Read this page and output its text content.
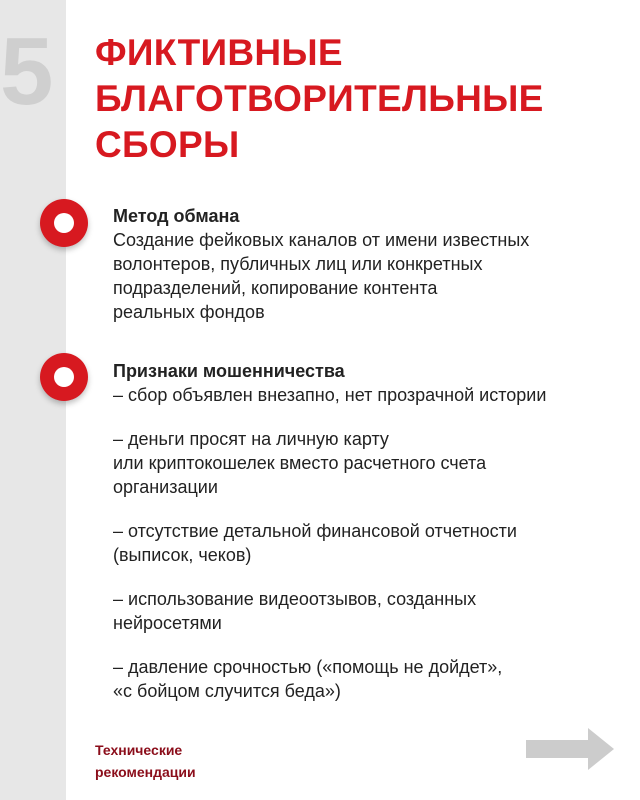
5	ФИКТИВНЫЕ
БЛАГОТВОРИТЕЛЬНЫЕ
СБОРЫ
Метод обмана
Создание фейковых каналов от имени известных
волонтеров, публичных лиц или конкретных
подразделений, копирование контента
реальных фондов
Признаки мошенничества
– сбор объявлен внезапно, нет прозрачной истории
– деньги просят на личную карту
или криптокошелек вместо расчетного счета
организации
– отсутствие детальной финансовой отчетности
(выписок, чеков)
– использование видеоотзывов, созданных
нейросетями
– давление срочностью («помощь не дойдет»,
«с бойцом случится беда»)
Технические
рекомендации
